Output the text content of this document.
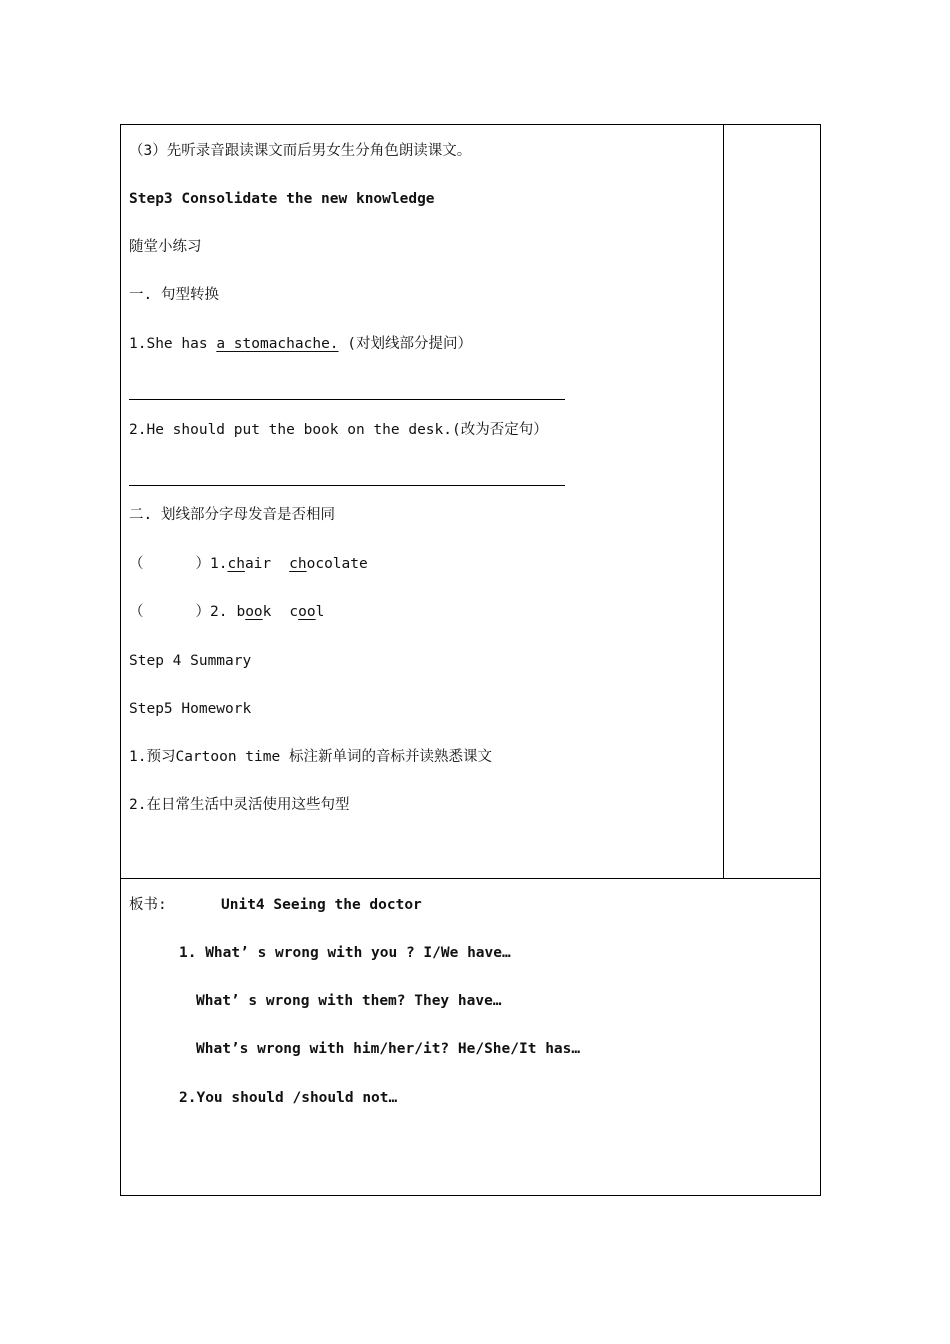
（3）先听录音跟读课文而后男女生分角色朗读课文。
Step3 Consolidate the new knowledge
随堂小练习
一. 句型转换
1.She has a stomachache. (对划线部分提问）
2.He should put the book on the desk.(改为否定句）
二. 划线部分字母发音是否相同
（	）1.chair chocolate
（	）2. book cool
Step 4 Summary
Step5 Homework
1.预习Cartoon time 标注新单词的音标并读熟悉课文
2.在日常生活中灵活使用这些句型
板书:	Unit4 Seeing the doctor
1. What’ s wrong with you ? I/We have…
What’ s wrong with them? They have…
What’s wrong with him/her/it? He/She/It has…
2.You should /should not…
